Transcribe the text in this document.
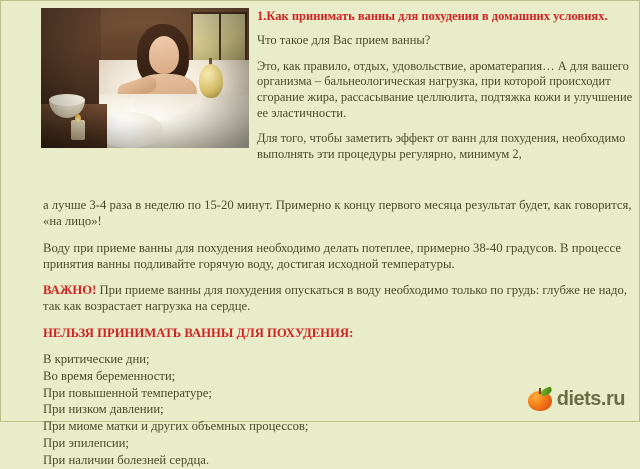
1.Как принимать ванны для похудения в домашних условиях.

Что такое для Вас прием ванны?

Это, как правило, отдых, удовольствие, ароматерапия… А для вашего организма – бальнеологическая нагрузка, при которой происходит сгорание жира, рассасывание целлюлита, подтяжка кожи и улучшение ее эластичности.

Для того, чтобы заметить эффект от ванн для похудения, необходимо выполнять эти процедуры регулярно, минимум 2,

а лучше 3-4 раза в неделю по 15-20 минут. Примерно к концу первого месяца результат будет, как говорится, «на лицо»!

Воду при приеме ванны для похудения необходимо делать потеплее, примерно 38-40 градусов. В процессе принятия ванны подливайте горячую воду, достигая исходной температуры.

ВАЖНО! При приеме ванны для похудения опускаться в воду необходимо только по грудь: глубже не надо, так как возрастает нагрузка на сердце.

НЕЛЬЗЯ ПРИНИМАТЬ ВАННЫ ДЛЯ ПОХУДЕНИЯ:

В критические дни;
Во время беременности;
При повышенной температуре;
При низком давлении;
При миоме матки и других объемных процессов;
При эпилепсии;
При наличии болезней сердца.
diets.ru
